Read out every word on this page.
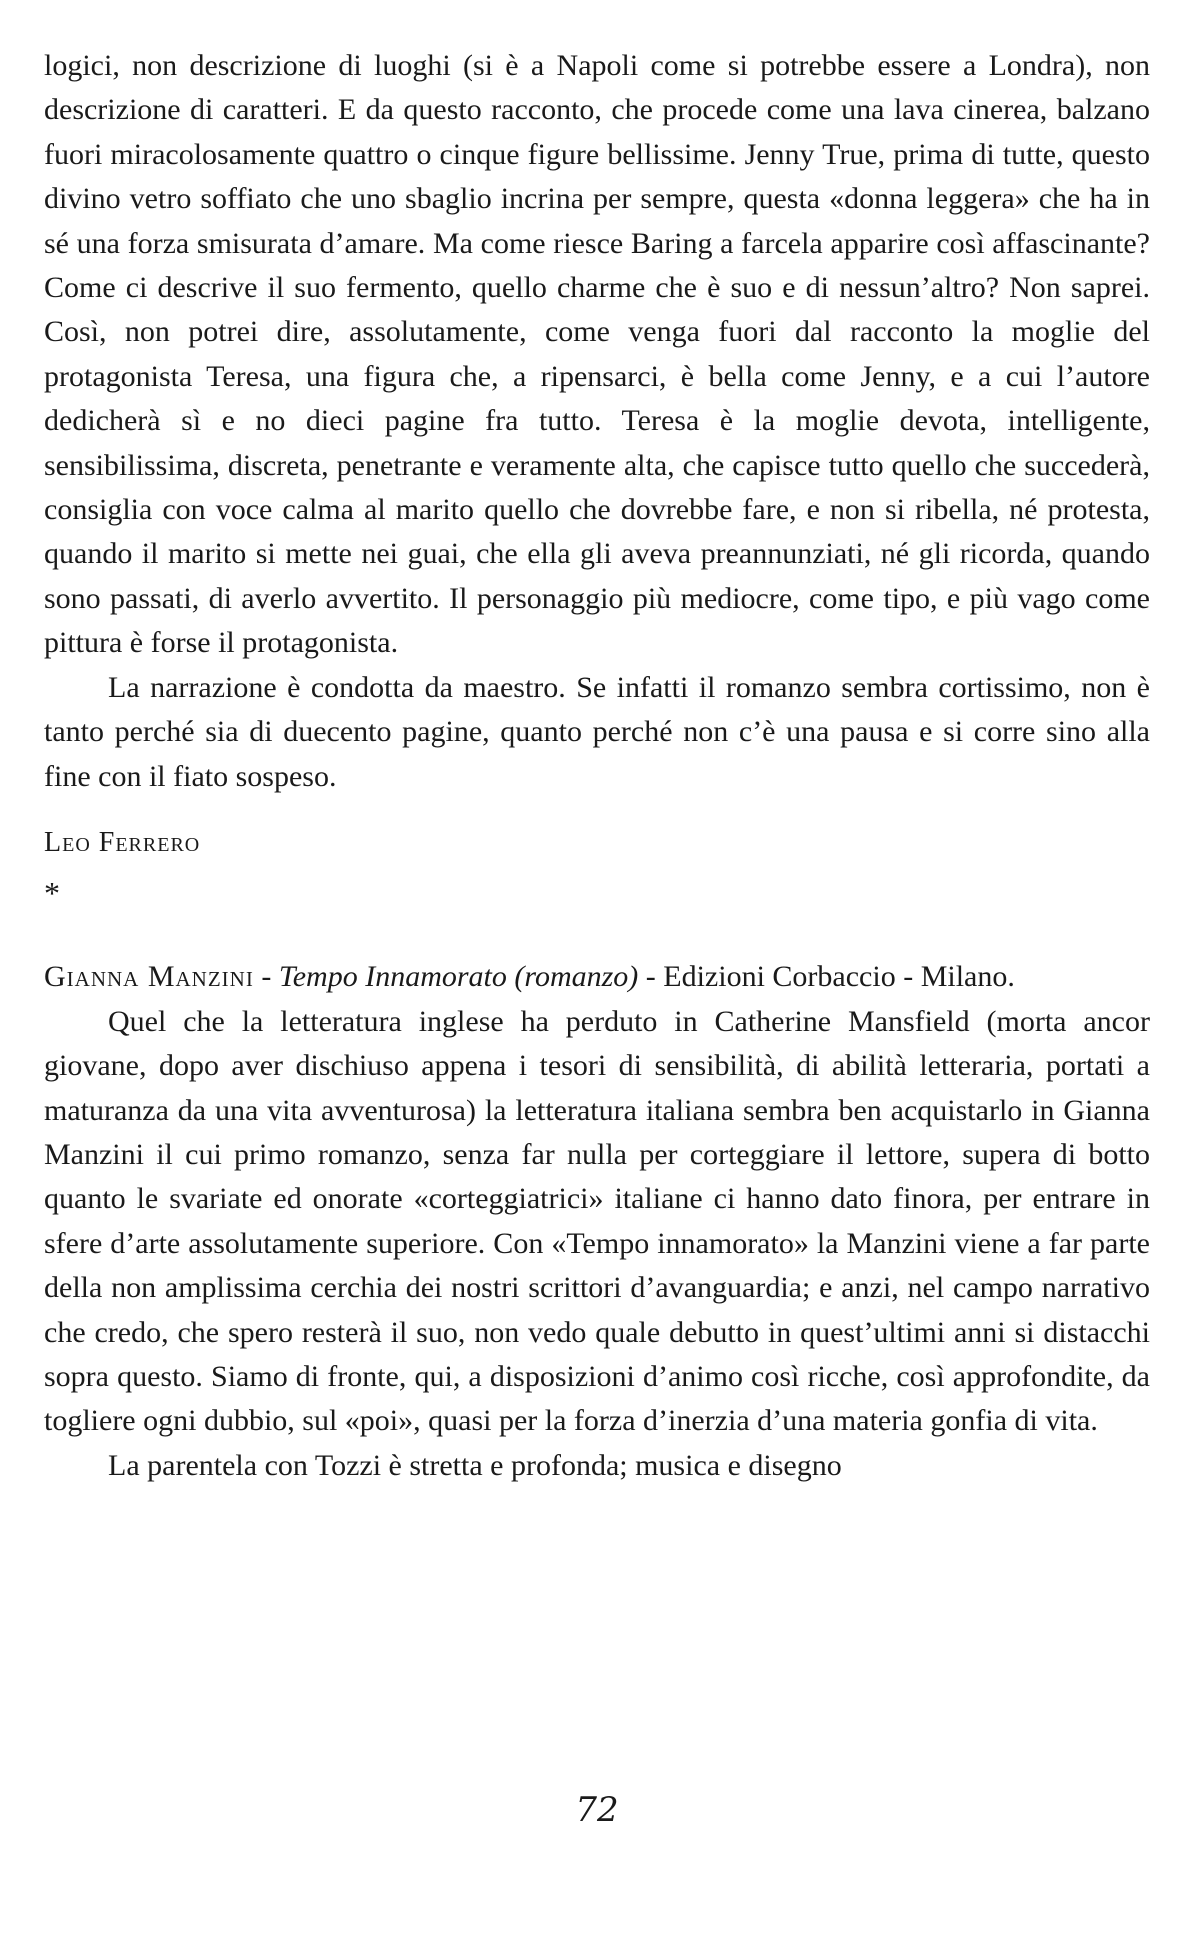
logici, non descrizione di luoghi (si è a Napoli come si potrebbe essere a Londra), non descrizione di caratteri. E da questo racconto, che procede come una lava cinerea, balzano fuori miracolosamente quattro o cinque figure bellissime. Jenny True, prima di tutte, questo divino vetro soffiato che uno sbaglio incrina per sempre, questa «donna leggera» che ha in sé una forza smisurata d’amare. Ma come riesce Baring a farcela apparire così affascinante? Come ci descrive il suo fermento, quello charme che è suo e di nessun’altro? Non saprei. Così, non potrei dire, assolutamente, come venga fuori dal racconto la moglie del protagonista Teresa, una figura che, a ripensarci, è bella come Jenny, e a cui l’autore dedicherà sì e no dieci pagine fra tutto. Teresa è la moglie devota, intelligente, sensibilissima, discreta, penetrante e veramente alta, che capisce tutto quello che succederà, consiglia con voce calma al marito quello che dovrebbe fare, e non si ribella, né protesta, quando il marito si mette nei guai, che ella gli aveva preannunziati, né gli ricorda, quando sono passati, di averlo avvertito. Il personaggio più mediocre, come tipo, e più vago come pittura è forse il protagonista.

La narrazione è condotta da maestro. Se infatti il romanzo sembra cortissimo, non è tanto perché sia di duecento pagine, quanto perché non c’è una pausa e si corre sino alla fine con il fiato sospeso.

Leo Ferrero

*

Gianna Manzini - Tempo Innamorato (romanzo) - Edizioni Corbaccio - Milano.

Quel che la letteratura inglese ha perduto in Catherine Mansfield (morta ancor giovane, dopo aver dischiuso appena i tesori di sensibilità, di abilità letteraria, portati a maturanza da una vita avventurosa) la letteratura italiana sembra ben acquistarlo in Gianna Manzini il cui primo romanzo, senza far nulla per corteggiare il lettore, supera di botto quanto le svariate ed onorate «corteggiatrici» italiane ci hanno dato finora, per entrare in sfere d’arte assolutamente superiore. Con «Tempo innamorato» la Manzini viene a far parte della non amplissima cerchia dei nostri scrittori d’avanguardia; e anzi, nel campo narrativo che credo, che spero resterà il suo, non vedo quale debutto in quest’ultimi anni si distacchi sopra questo. Siamo di fronte, qui, a disposizioni d’animo così ricche, così approfondite, da togliere ogni dubbio, sul «poi», quasi per la forza d’inerzia d’una materia gonfia di vita.

La parentela con Tozzi è stretta e profonda; musica e disegno

72
